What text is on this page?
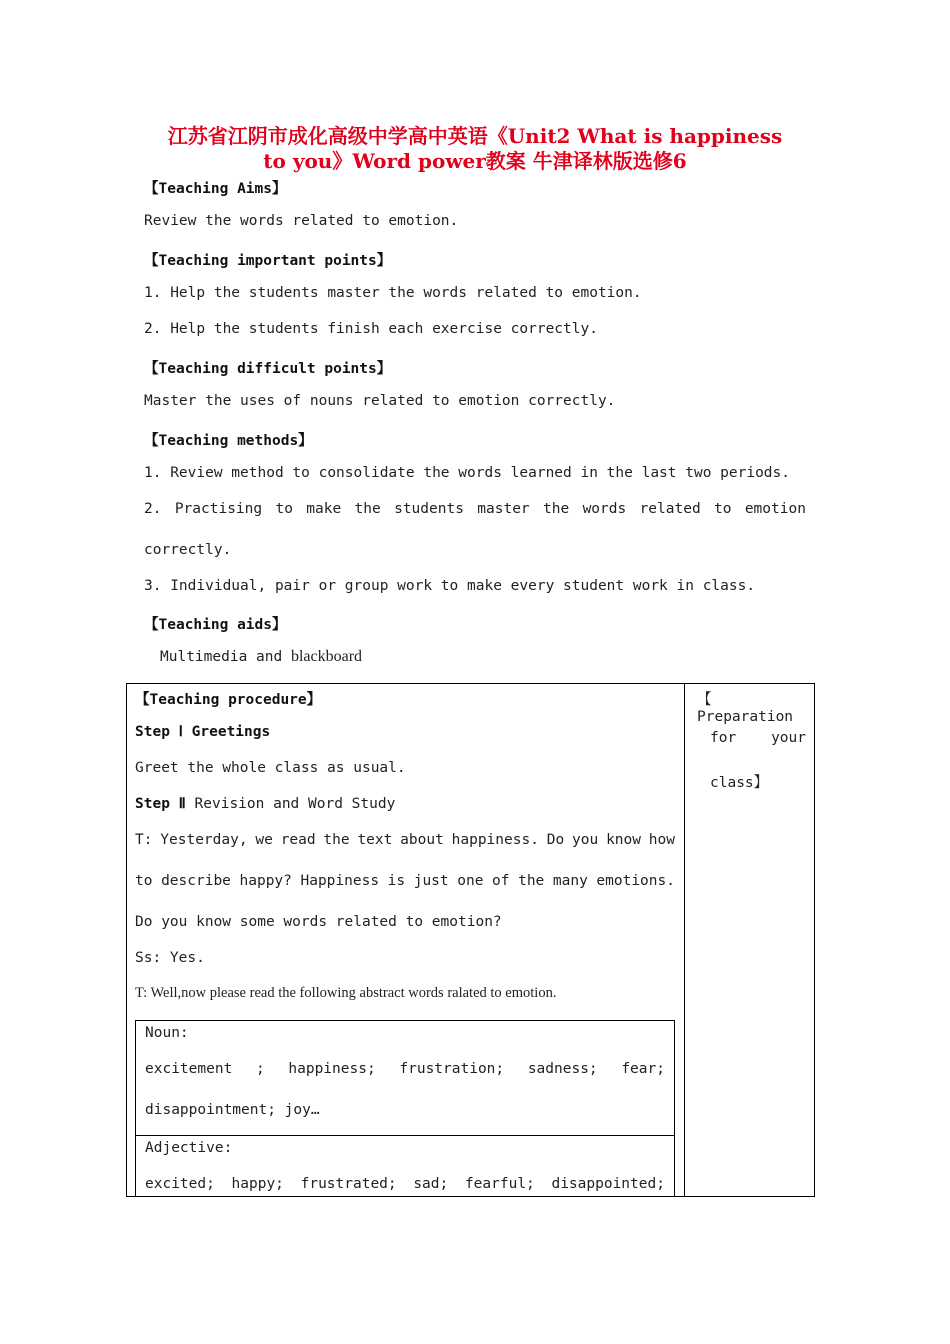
江苏省江阴市成化高级中学高中英语《Unit2 What is happiness
to you》Word power教案 牛津译林版选修6
【Teaching Aims】
Review the words related to emotion.
【Teaching important points】
1. Help the students master the words related to emotion.
2. Help the students finish each exercise correctly.
【Teaching difficult points】
Master the uses of nouns related to emotion correctly.
【Teaching methods】
1. Review method to consolidate the words learned in the last two periods.
2. Practising to make the students master the words related to emotion
correctly.
3. Individual, pair or group work to make every student work in class.
【Teaching aids】
Multimedia and blackboard
【Teaching procedure】
Step Ⅰ Greetings
Greet the whole class as usual.
Step Ⅱ Revision and Word Study
T: Yesterday, we read the text about happiness. Do you know how
to describe happy? Happiness is just one of the many emotions.
Do you know some words related to emotion?
Ss: Yes.
T: Well,now please read the following abstract words ralated to emotion.
Noun:
excitement ; happiness; frustration; sadness; fear;
disappointment; joy…
Adjective:
excited; happy; frustrated; sad; fearful; disappointed;
【 Preparation
for your
class】
